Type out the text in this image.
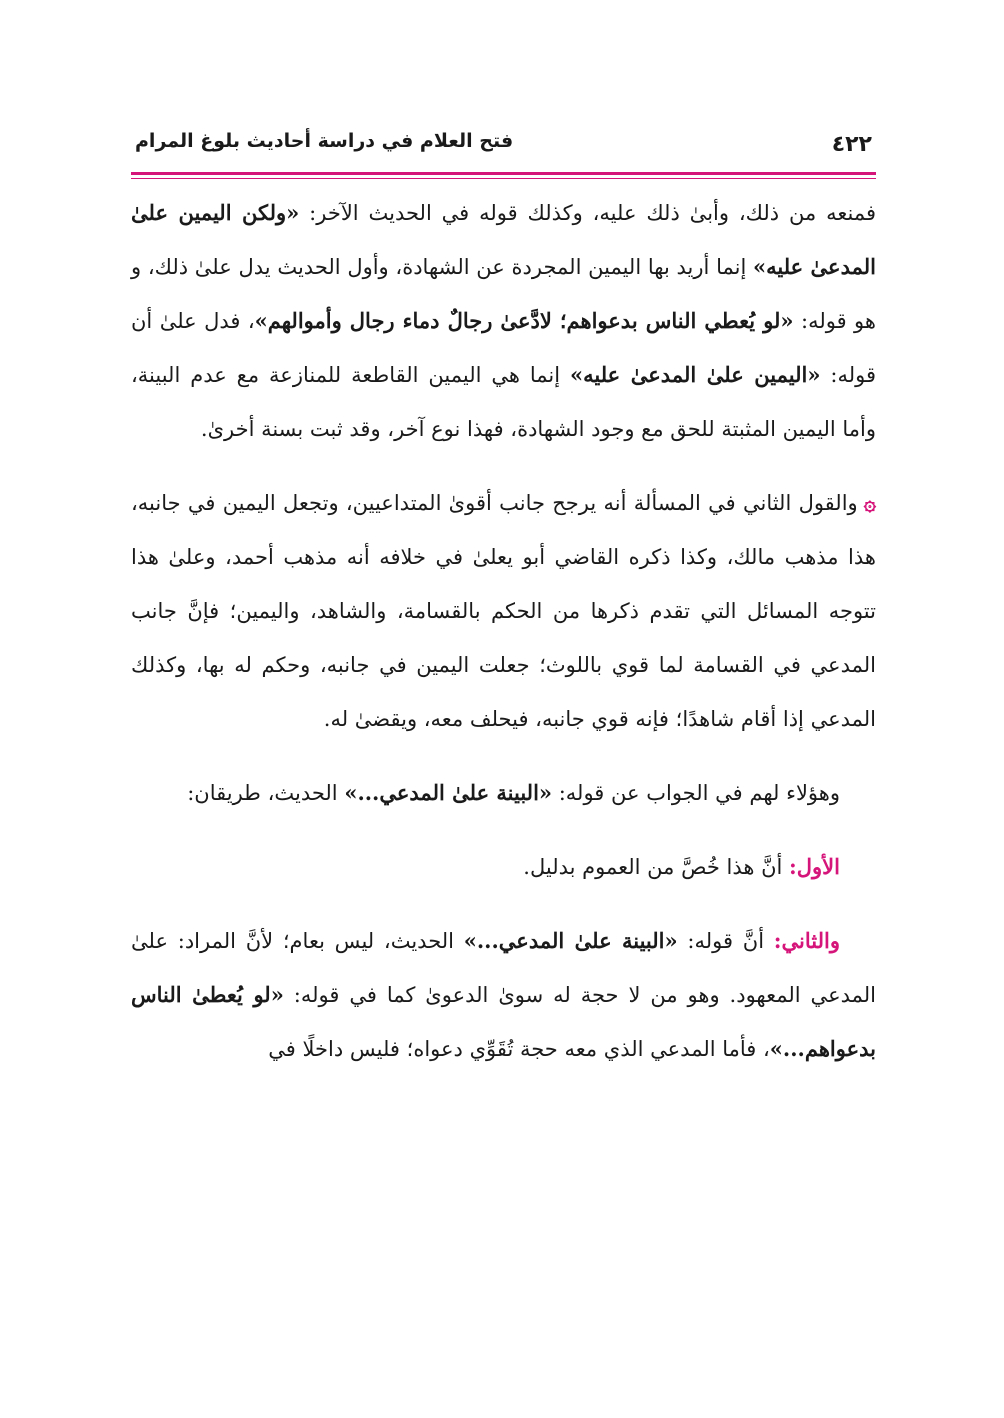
٤٢٢
فتح العلام في دراسة أحاديث بلوغ المرام

فمنعه من ذلك، وأبىٰ ذلك عليه، وكذلك قوله في الحديث الآخر: «ولكن اليمين علىٰ المدعىٰ عليه» إنما أريد بها اليمين المجردة عن الشهادة، وأول الحديث يدل علىٰ ذلك، و هو قوله: «لو يُعطي الناس بدعواهم؛ لادَّعىٰ رجالٌ دماء رجال وأموالهم»، فدل علىٰ أن قوله: «اليمين علىٰ المدعىٰ عليه» إنما هي اليمين القاطعة للمنازعة مع عدم البينة، وأما اليمين المثبتة للحق مع وجود الشهادة، فهذا نوع آخر، وقد ثبت بسنة أخرىٰ.

۞والقول الثاني في المسألة أنه يرجح جانب أقوىٰ المتداعيين، وتجعل اليمين في جانبه، هذا مذهب مالك، وكذا ذكره القاضي أبو يعلىٰ في خلافه أنه مذهب أحمد، وعلىٰ هذا تتوجه المسائل التي تقدم ذكرها من الحكم بالقسامة، والشاهد، واليمين؛ فإنَّ جانب المدعي في القسامة لما قوي باللوث؛ جعلت اليمين في جانبه، وحكم له بها، وكذلك المدعي إذا أقام شاهدًا؛ فإنه قوي جانبه، فيحلف معه، ويقضىٰ له.

وهؤلاء لهم في الجواب عن قوله: «البينة علىٰ المدعي...» الحديث، طريقان:

الأول: أنَّ هذا خُصَّ من العموم بدليل.

والثاني: أنَّ قوله: «البينة علىٰ المدعي...» الحديث، ليس بعام؛ لأنَّ المراد: علىٰ المدعي المعهود. وهو من لا حجة له سوىٰ الدعوىٰ كما في قوله: «لو يُعطىٰ الناس بدعواهم...»، فأما المدعي الذي معه حجة تُقَوِّي دعواه؛ فليس داخلًا في
